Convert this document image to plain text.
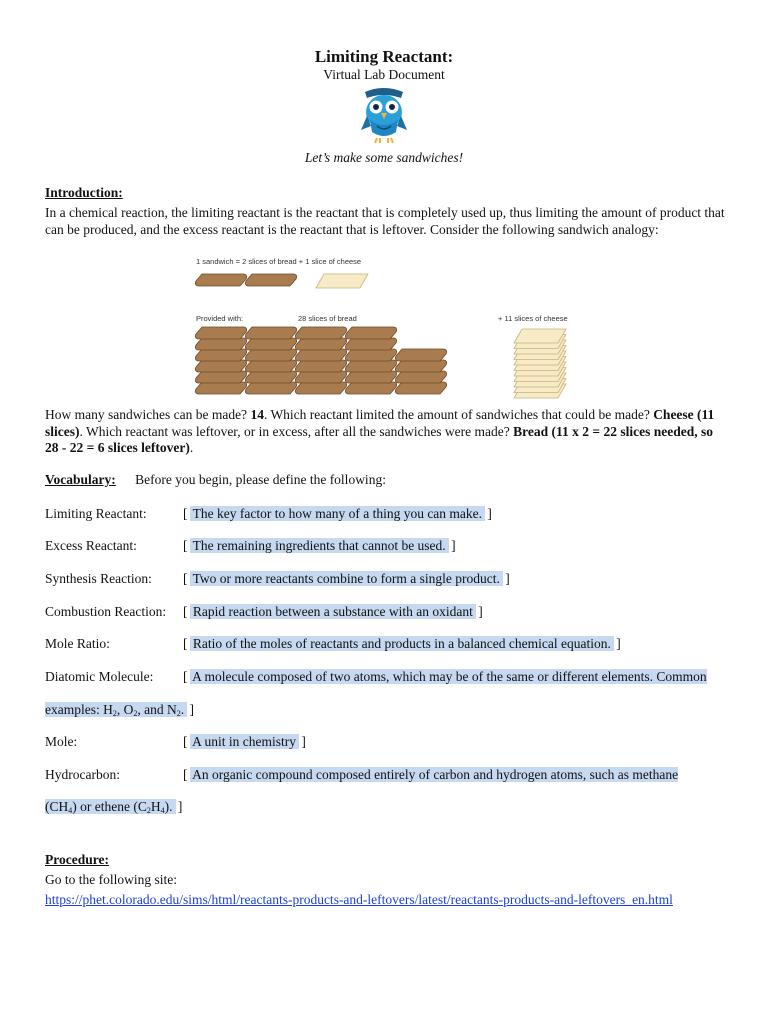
Limiting Reactant:
Virtual Lab Document
Let’s make some sandwiches!
Introduction:
In a chemical reaction, the limiting reactant is the reactant that is completely used up, thus limiting the amount of product that can be produced, and the excess reactant is the reactant that is leftover. Consider the following sandwich analogy:
1 sandwich = 2 slices of bread + 1 slice of cheese
Provided with:	28 slices of bread	+ 11 slices of cheese
How many sandwiches can be made? 14. Which reactant limited the amount of sandwiches that could be made? Cheese (11 slices). Which reactant was leftover, or in excess, after all the sandwiches were made? Bread (11 x 2 = 22 slices needed, so 28 - 22 = 6 slices leftover).
Vocabulary: Before you begin, please define the following:
Limiting Reactant:	[ The key factor to how many of a thing you can make. ]
Excess Reactant:	[ The remaining ingredients that cannot be used. ]
Synthesis Reaction: [ Two or more reactants combine to form a single product. ]
Combustion Reaction: [ Rapid reaction between a substance with an oxidant ]
Mole Ratio:	[ Ratio of the moles of reactants and products in a balanced chemical equation. ]
Diatomic Molecule: [ A molecule composed of two atoms, which may be of the same or different elements. Common
examples: $H_2$, $O_2$, and $N_2$. ]
Mole:	[ A unit in chemistry ]
Hydrocarbon:	[ An organic compound composed entirely of carbon and hydrogen atoms, such as methane
$(CH_4)$ or ethene $(C_2H_4)$. ]
Procedure:
Go to the following site:
https://phet.colorado.edu/sims/html/reactants-products-and-leftovers/latest/reactants-products-and-leftovers_en.html
